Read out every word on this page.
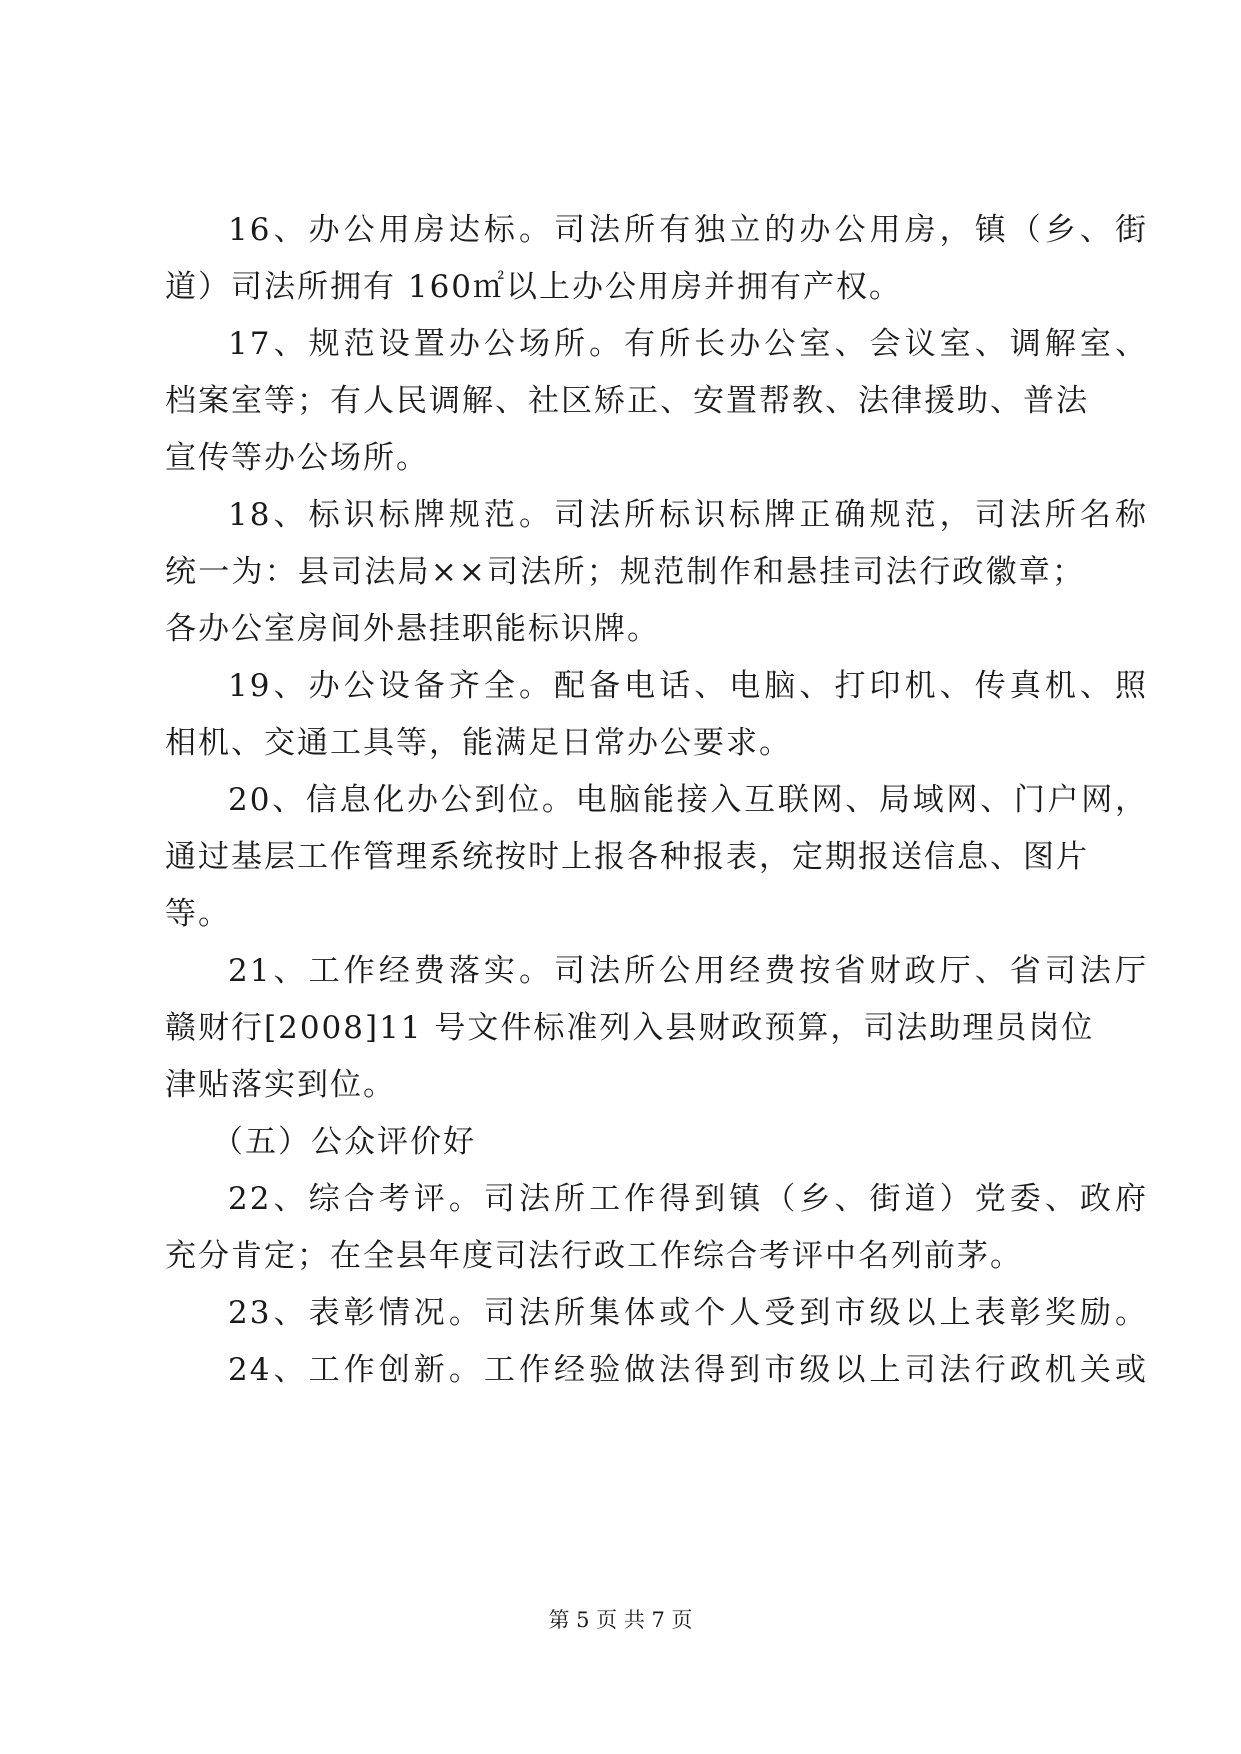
16、办公用房达标。司法所有独立的办公用房，镇（乡、街
道）司法所拥有 160㎡以上办公用房并拥有产权。
17、规范设置办公场所。有所长办公室、会议室、调解室、
档案室等；有人民调解、社区矫正、安置帮教、法律援助、普法
宣传等办公场所。
18、标识标牌规范。司法所标识标牌正确规范，司法所名称
统一为：县司法局××司法所；规范制作和悬挂司法行政徽章；
各办公室房间外悬挂职能标识牌。
19、办公设备齐全。配备电话、电脑、打印机、传真机、照
相机、交通工具等，能满足日常办公要求。
20、信息化办公到位。电脑能接入互联网、局域网、门户网，
通过基层工作管理系统按时上报各种报表，定期报送信息、图片
等。
21、工作经费落实。司法所公用经费按省财政厅、省司法厅
赣财行[2008]11 号文件标准列入县财政预算，司法助理员岗位
津贴落实到位。
（五）公众评价好
22、综合考评。司法所工作得到镇（乡、街道）党委、政府
充分肯定；在全县年度司法行政工作综合考评中名列前茅。
23、表彰情况。司法所集体或个人受到市级以上表彰奖励。
24、工作创新。工作经验做法得到市级以上司法行政机关或
第 5 页 共 7 页
